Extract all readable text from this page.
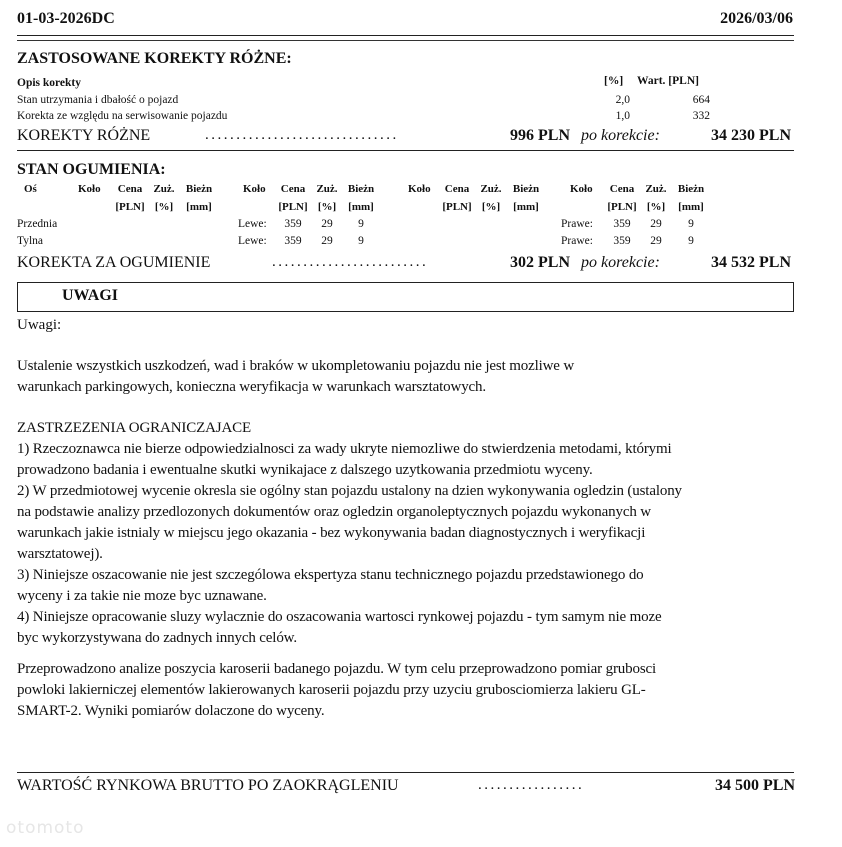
01-03-2026DC	2026/03/06
ZASTOSOWANE KOREKTY RÓŻNE:
Opis korekty	[%] Wart. [PLN]
Stan utrzymania i dbałość o pojazd	2,0	664
Korekta ze względu na serwisowanie pojazdu	1,0	332
KOREKTY RÓŻNE	...............................	996 PLN po korekcie:	34 230 PLN
STAN OGUMIENIA:
Oś	Koło	Cena	Zuż.	Bieżn
[PLN] [%]	[mm]
Koło	Cena	Zuż. Bieżn
[PLN] [%]	[mm]
Koło	Cena	Zuż.	Bieżn
[PLN] [%]	[mm]
Koło	Cena	Zuż.	Bieżn
[PLN] [%]	[mm]
Przednia	Lewe:	359	29	9	Prawe:	359	29	9
Tylna	Lewe:	359	29	9	Prawe:	359	29	9
KOREKTA ZA OGUMIENIE	.........................	302 PLN po korekcie:	34 532 PLN
UWAGI
Uwagi:
Ustalenie wszystkich uszkodzeń, wad i braków w ukompletowaniu pojazdu nie jest mozliwe w
warunkach parkingowych, konieczna weryfikacja w warunkach warsztatowych.
ZASTRZEZENIA OGRANICZAJACE
1) Rzeczoznawca nie bierze odpowiedzialnosci za wady ukryte niemozliwe do stwierdzenia metodami, którymi
prowadzono badania i ewentualne skutki wynikajace z dalszego uzytkowania przedmiotu wyceny.
2) W przedmiotowej wycenie okresla sie ogólny stan pojazdu ustalony na dzien wykonywania ogledzin (ustalony
na podstawie analizy przedlozonych dokumentów oraz ogledzin organoleptycznych pojazdu wykonanych w
warunkach jakie istnialy w miejscu jego okazania - bez wykonywania badan diagnostycznych i weryfikacji
warsztatowej).
3) Niniejsze oszacowanie nie jest szczególowa ekspertyza stanu technicznego pojazdu przedstawionego do
wyceny i za takie nie moze byc uznawane.
4) Niniejsze opracowanie sluzy wylacznie do oszacowania wartosci rynkowej pojazdu - tym samym nie moze
byc wykorzystywana do zadnych innych celów.
Przeprowadzono analize poszycia karoserii badanego pojazdu. W tym celu przeprowadzono pomiar grubosci
powloki lakierniczej elementów lakierowanych karoserii pojazdu przy uzyciu grubosciomierza lakieru GL-
SMART-2. Wyniki pomiarów dolaczone do wyceny.
WARTOŚĆ RYNKOWA BRUTTO PO ZAOKRĄGLENIU	.................	34 500 PLN
otomoto
